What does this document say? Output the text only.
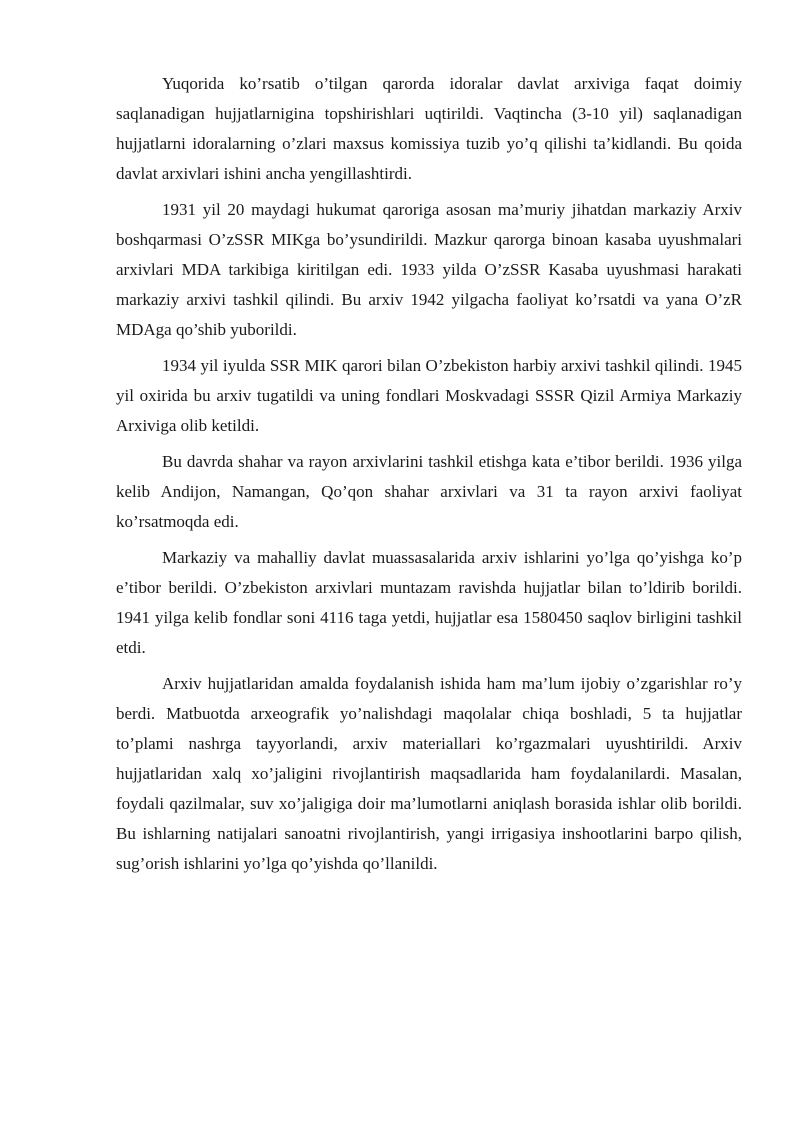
Yuqorida ko’rsatib o’tilgan qarorda idoralar davlat arxiviga faqat doimiy saqlanadigan hujjatlarnigina topshirishlari uqtirildi. Vaqtincha (3-10 yil) saqlanadigan hujjatlarni idoralarning o’zlari maxsus komissiya tuzib yo’q qilishi ta’kidlandi. Bu qoida davlat arxivlari ishini ancha yengillashtirdi.

1931 yil 20 maydagi hukumat qaroriga asosan ma’muriy jihatdan markaziy Arxiv boshqarmasi O’zSSR MIKga bo’ysundirildi. Mazkur qarorga binoan kasaba uyushmalari arxivlari MDA tarkibiga kiritilgan edi. 1933 yilda O’zSSR Kasaba uyushmasi harakati markaziy arxivi tashkil qilindi. Bu arxiv 1942 yilgacha faoliyat ko’rsatdi va yana O’zR MDAga qo’shib yuborildi.

1934 yil iyulda SSR MIK qarori bilan O’zbekiston harbiy arxivi tashkil qilindi. 1945 yil oxirida bu arxiv tugatildi va uning fondlari Moskvadagi SSSR Qizil Armiya Markaziy Arxiviga olib ketildi.

Bu davrda shahar va rayon arxivlarini tashkil etishga kata e’tibor berildi. 1936 yilga kelib Andijon, Namangan, Qo’qon shahar arxivlari va 31 ta rayon arxivi faoliyat ko’rsatmoqda edi.

Markaziy va mahalliy davlat muassasalarida arxiv ishlarini yo’lga qo’yishga ko’p e’tibor berildi. O’zbekiston arxivlari muntazam ravishda hujjatlar bilan to’ldirib borildi. 1941 yilga kelib fondlar soni 4116 taga yetdi, hujjatlar esa 1580450 saqlov birligini tashkil etdi.

Arxiv hujjatlaridan amalda foydalanish ishida ham ma’lum ijobiy o’zgarishlar ro’y berdi. Matbuotda arxeografik yo’nalishdagi maqolalar chiqa boshladi, 5 ta hujjatlar to’plami nashrga tayyorlandi, arxiv materiallari ko’rgazmalari uyushtirildi. Arxiv hujjatlaridan xalq xo’jaligini rivojlantirish maqsadlarida ham foydalanilardi. Masalan, foydali qazilmalar, suv xo’jaligiga doir ma’lumotlarni aniqlash borasida ishlar olib borildi. Bu ishlarning natijalari sanoatni rivojlantirish, yangi irrigasiya inshootlarini barpo qilish, sug’orish ishlarini yo’lga qo’yishda qo’llanildi.
